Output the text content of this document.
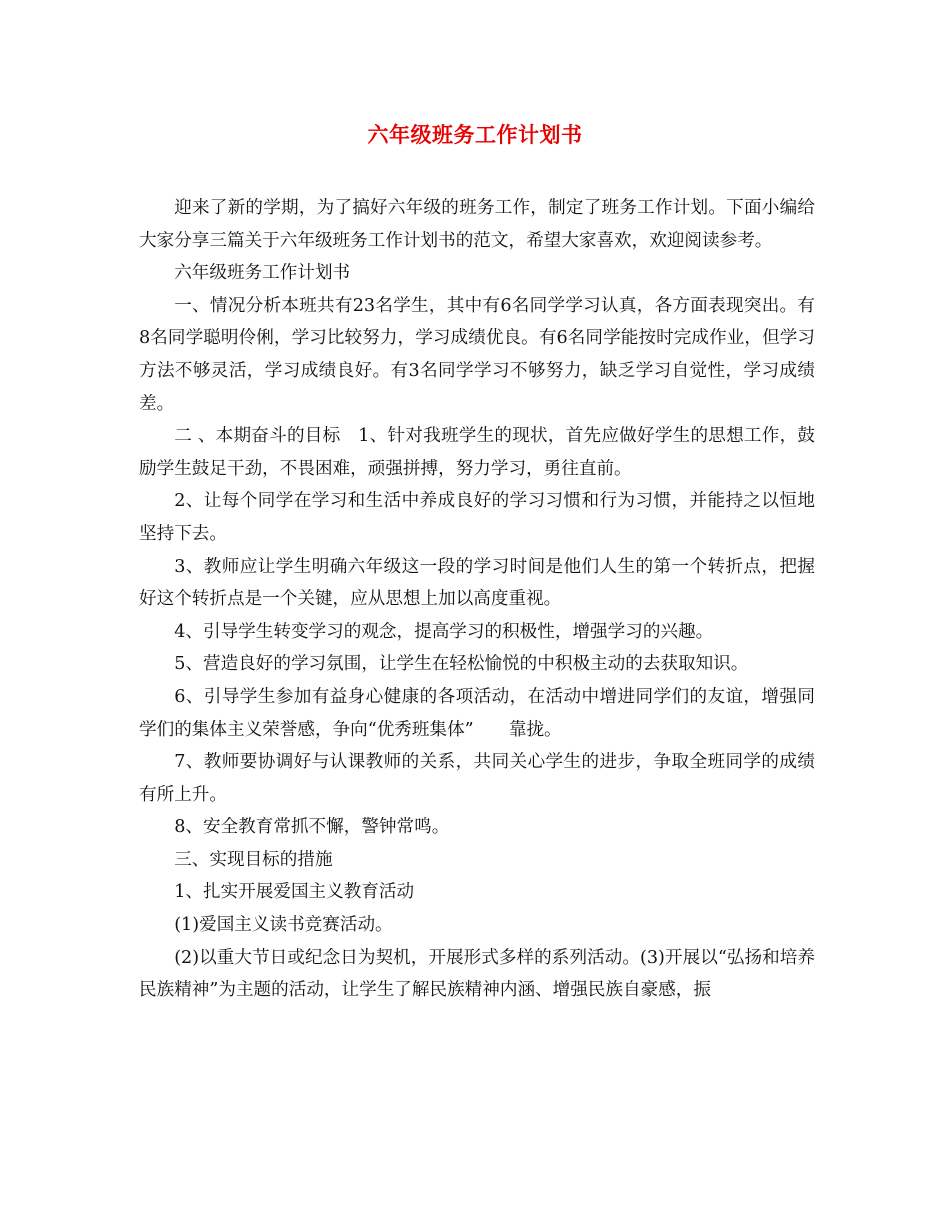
六年级班务工作计划书

迎来了新的学期，为了搞好六年级的班务工作，制定了班务工作计划。下面小编给大家分享三篇关于六年级班务工作计划书的范文，希望大家喜欢，欢迎阅读参考。

六年级班务工作计划书

一、情况分析本班共有23名学生，其中有6名同学学习认真，各方面表现突出。有8名同学聪明伶俐，学习比较努力，学习成绩优良。有6名同学能按时完成作业，但学习方法不够灵活，学习成绩良好。有3名同学学习不够努力，缺乏学习自觉性，学习成绩差。

二 、本期奋斗的目标　1、针对我班学生的现状，首先应做好学生的思想工作，鼓励学生鼓足干劲，不畏困难，顽强拼搏，努力学习，勇往直前。

2、让每个同学在学习和生活中养成良好的学习习惯和行为习惯，并能持之以恒地坚持下去。

3、教师应让学生明确六年级这一段的学习时间是他们人生的第一个转折点，把握好这个转折点是一个关键，应从思想上加以高度重视。

4、引导学生转变学习的观念，提高学习的积极性，增强学习的兴趣。

5、营造良好的学习氛围，让学生在轻松愉悦的中积极主动的去获取知识。

6、引导学生参加有益身心健康的各项活动，在活动中增进同学们的友谊，增强同学们的集体主义荣誉感，争向“优秀班集体”　　靠拢。

7、教师要协调好与认课教师的关系，共同关心学生的进步，争取全班同学的成绩有所上升。

8、安全教育常抓不懈，警钟常鸣。

三、实现目标的措施

1、扎实开展爱国主义教育活动

(1)爱国主义读书竞赛活动。

(2)以重大节日或纪念日为契机，开展形式多样的系列活动。(3)开展以“弘扬和培养民族精神”为主题的活动，让学生了解民族精神内涵、增强民族自豪感，振
